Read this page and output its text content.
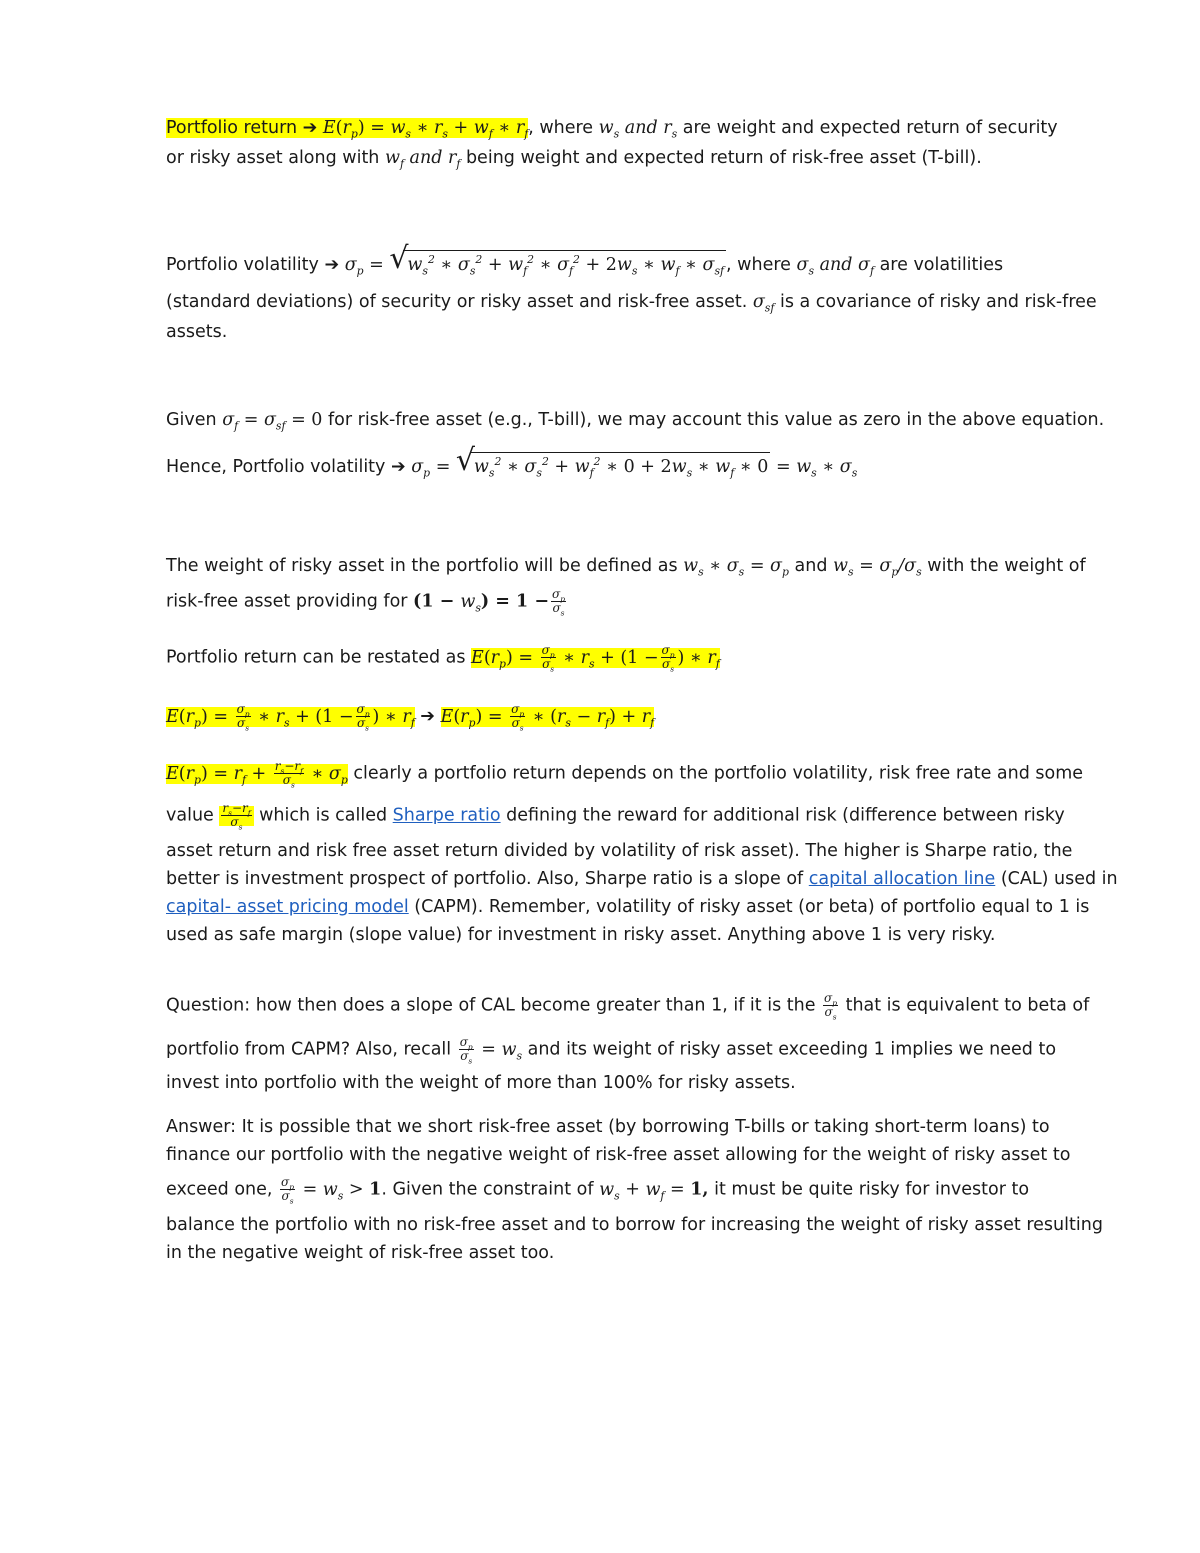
Portfolio return ➔ $E(r_p) = w_s$ ∗ $r_s + w_f$ ∗ $r_f$, where $w_s$ and $r_s$ are weight and expected return of security
or risky asset along with $w_f$ and $r_f$ being weight and expected return of risk-free asset (T-bill).
Portfolio volatility ➔ $\sigma_p$ = √
$w_s^2$ ∗ $\sigma_s^2 + w_f^2$ ∗ $\sigma_f^2 + 2w_s$ ∗ $w_f$ ∗ $\sigma_{sf}$ , where $\sigma_s$ and $\sigma_f$ are volatilities
(standard deviations) of security or risky asset and risk-free asset. $\sigma_{sf}$ is a covariance of risky and risk-free
assets.
Given $\sigma_f = \sigma_{sf} = 0$ for risk-free asset (e.g., T-bill), we may account this value as zero in the above equation.
Hence, Portfolio volatility ➔ $\sigma_p$ = √
$w_s^2$ ∗ $\sigma_s^2 + w_f^2$ ∗ $0 + 2w_s$ ∗ $w_f$ ∗ $0 = w_s$ ∗ $\sigma_s$
The weight of risky asset in the portfolio will be defined as $w_s$ ∗ $\sigma_s = \sigma_p$ and $w_s = \sigma_p/\sigma_s$ with the weight of
risk-free asset providing for $(1 - w_s) = 1 - \frac{\sigma_p}{\sigma_s}$
Portfolio return can be restated as $E(r_p) = \frac{\sigma_p}{\sigma_s}$ ∗ $r_s + (1 - \frac{\sigma_p}{\sigma_s}$ ) ∗ $r_f$
$E(r_p) = \frac{\sigma_p}{\sigma_s}$ ∗ $r_s + (1 - \frac{\sigma_p}{\sigma_s}$ ) ∗ $r_f$ ➔ $E(r_p) = \frac{\sigma_p}{\sigma_s}$ ∗ $(r_s - r_f) + r_f$
$E(r_p) = r_f + \frac{r_s-r_f}{\sigma_s}$ ∗ $\sigma_p$ clearly a portfolio return depends on the portfolio volatility, risk free rate and some
value $\frac{r_s-r_f}{\sigma_s}$ which is called Sharpe ratio defining the reward for additional risk (difference between risky
asset return and risk free asset return divided by volatility of risk asset). The higher is Sharpe ratio, the
better is investment prospect of portfolio. Also, Sharpe ratio is a slope of capital allocation line (CAL) used in
capital- asset pricing model (CAPM). Remember, volatility of risky asset (or beta) of portfolio equal to 1 is
used as safe margin (slope value) for investment in risky asset. Anything above 1 is very risky.
Question: how then does a slope of CAL become greater than 1, if it is the $\frac{\sigma_p}{\sigma_s}$ that is equivalent to beta of
portfolio from CAPM? Also, recall $\frac{\sigma_p}{\sigma_s} = w_s$ and its weight of risky asset exceeding 1 implies we need to
invest into portfolio with the weight of more than 100% for risky assets.
Answer: It is possible that we short risk-free asset (by borrowing T-bills or taking short-term loans) to
finance our portfolio with the negative weight of risk-free asset allowing for the weight of risky asset to
exceed one, $\frac{\sigma_p}{\sigma_s} = w_s > 1$. Given the constraint of $w_s + w_f = 1$, it must be quite risky for investor to
balance the portfolio with no risk-free asset and to borrow for increasing the weight of risky asset resulting
in the negative weight of risk-free asset too.
